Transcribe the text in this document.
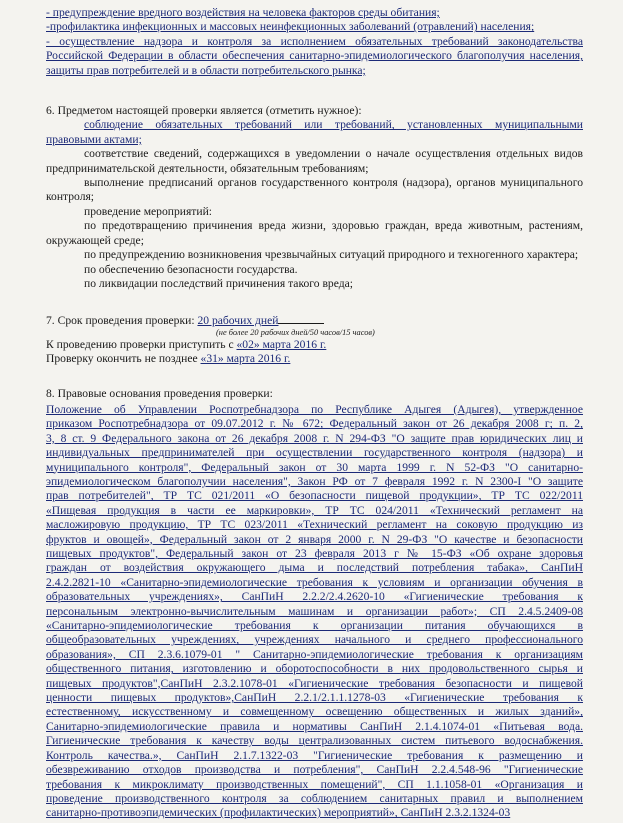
- предупреждение вредного воздействия на человека факторов среды обитания;

-профилактика инфекционных и массовых неинфекционных заболеваний (отравлений) населения;

- осуществление надзора и контроля за исполнением обязательных требований законодательства Российской Федерации в области обеспечения санитарно-эпидемиологического благополучия населения, защиты прав потребителей и в области потребительского рынка;

6. Предметом настоящей проверки является (отметить нужное):

соблюдение обязательных требований или требований, установленных муниципальными правовыми актами;

соответствие сведений, содержащихся в уведомлении о начале осуществления отдельных видов предпринимательской деятельности, обязательным требованиям;

выполнение предписаний органов государственного контроля (надзора), органов муниципального контроля;

проведение мероприятий:

по предотвращению причинения вреда жизни, здоровью граждан, вреда животным, растениям, окружающей среде;

по предупреждению возникновения чрезвычайных ситуаций природного и техногенного характера;

по обеспечению безопасности государства.

по ликвидации последствий причинения такого вреда;

7. Срок проведения проверки: 20 рабочих дней

(не более 20 рабочих дней/50 часов/15 часов)

К проведению проверки приступить с «02» марта 2016 г.

Проверку окончить не позднее «31» марта 2016 г.

8. Правовые основания проведения проверки:

Положение об Управлении Роспотребнадзора по Республике Адыгея (Адыгея), утвержденное
приказом Роспотребнадзора от 09.07.2012 г. № 672; Федеральный закон от 26 декабря 2008 г; п. 2,
3, 8 ст. 9 Федерального закона от 26 декабря 2008 г. N 294-ФЗ "О защите прав юридических лиц и
индивидуальных предпринимателей при осуществлении государственного контроля (надзора) и
муниципального контроля", Федеральный закон от 30 марта 1999 г. N 52-ФЗ "О санитарно-
эпидемиологическом благополучии населения", Закон РФ от 7 февраля 1992 г. N 2300-I "О защите
прав потребителей", ТР ТС 021/2011 «О безопасности пищевой продукции», ТР ТС 022/2011
«Пищевая продукция в части ее маркировки», ТР ТС 024/2011 «Технический регламент на
масложировую продукцию, ТР ТС 023/2011 «Технический регламент на соковую продукцию из
фруктов и овощей», Федеральный закон от 2 января 2000 г. N 29-ФЗ "О качестве и безопасности
пищевых продуктов", Федеральный закон от 23 февраля 2013 г № 15-ФЗ «Об охране здоровья
граждан от воздействия окружающего дыма и последствий потребления табака», СанПиН
2.4.2.2821-10 «Санитарно-эпидемиологические требования к условиям и организации обучения в
образовательных учреждениях», СанПиН 2.2.2/2.4.2620-10 «Гигиенические требования к
персональным электронно-вычислительным машинам и организации работ»; СП 2.4.5.2409-08
«Санитарно-эпидемиологические требования к организации питания обучающихся в
общеобразовательных учреждениях, учреждениях начального и среднего профессионального
образования», СП 2.3.6.1079-01 " Санитарно-эпидемиологические требования к организациям
общественного питания, изготовлению и оборотоспособности в них продовольственного сырья и
пищевых продуктов",СанПиН 2.3.2.1078-01 «Гигиенические требования безопасности и пищевой
ценности пищевых продуктов»,СанПиН 2.2.1/2.1.1.1278-03 «Гигиенические требования к
естественному, искусственному и совмещенному освещению общественных и жилых зданий»,
Санитарно-эпидемиологические правила и нормативы СанПиН 2.1.4.1074-01 «Питьевая вода.
Гигиенические требования к качеству воды централизованных систем питьевого водоснабжения.
Контроль качества.», СанПиН 2.1.7.1322-03 "Гигиенические требования к размещению и
обезвреживанию отходов производства и потребления", СанПиН 2.2.4.548-96 "Гигиенические
требования к микроклимату производственных помещений", СП 1.1.1058-01 «Организация и
проведение производственного контроля за соблюдением санитарных правил и выполнением
санитарно-противоэпидемических (профилактических) мероприятий», СанПиН 2.3.2.1324-03
